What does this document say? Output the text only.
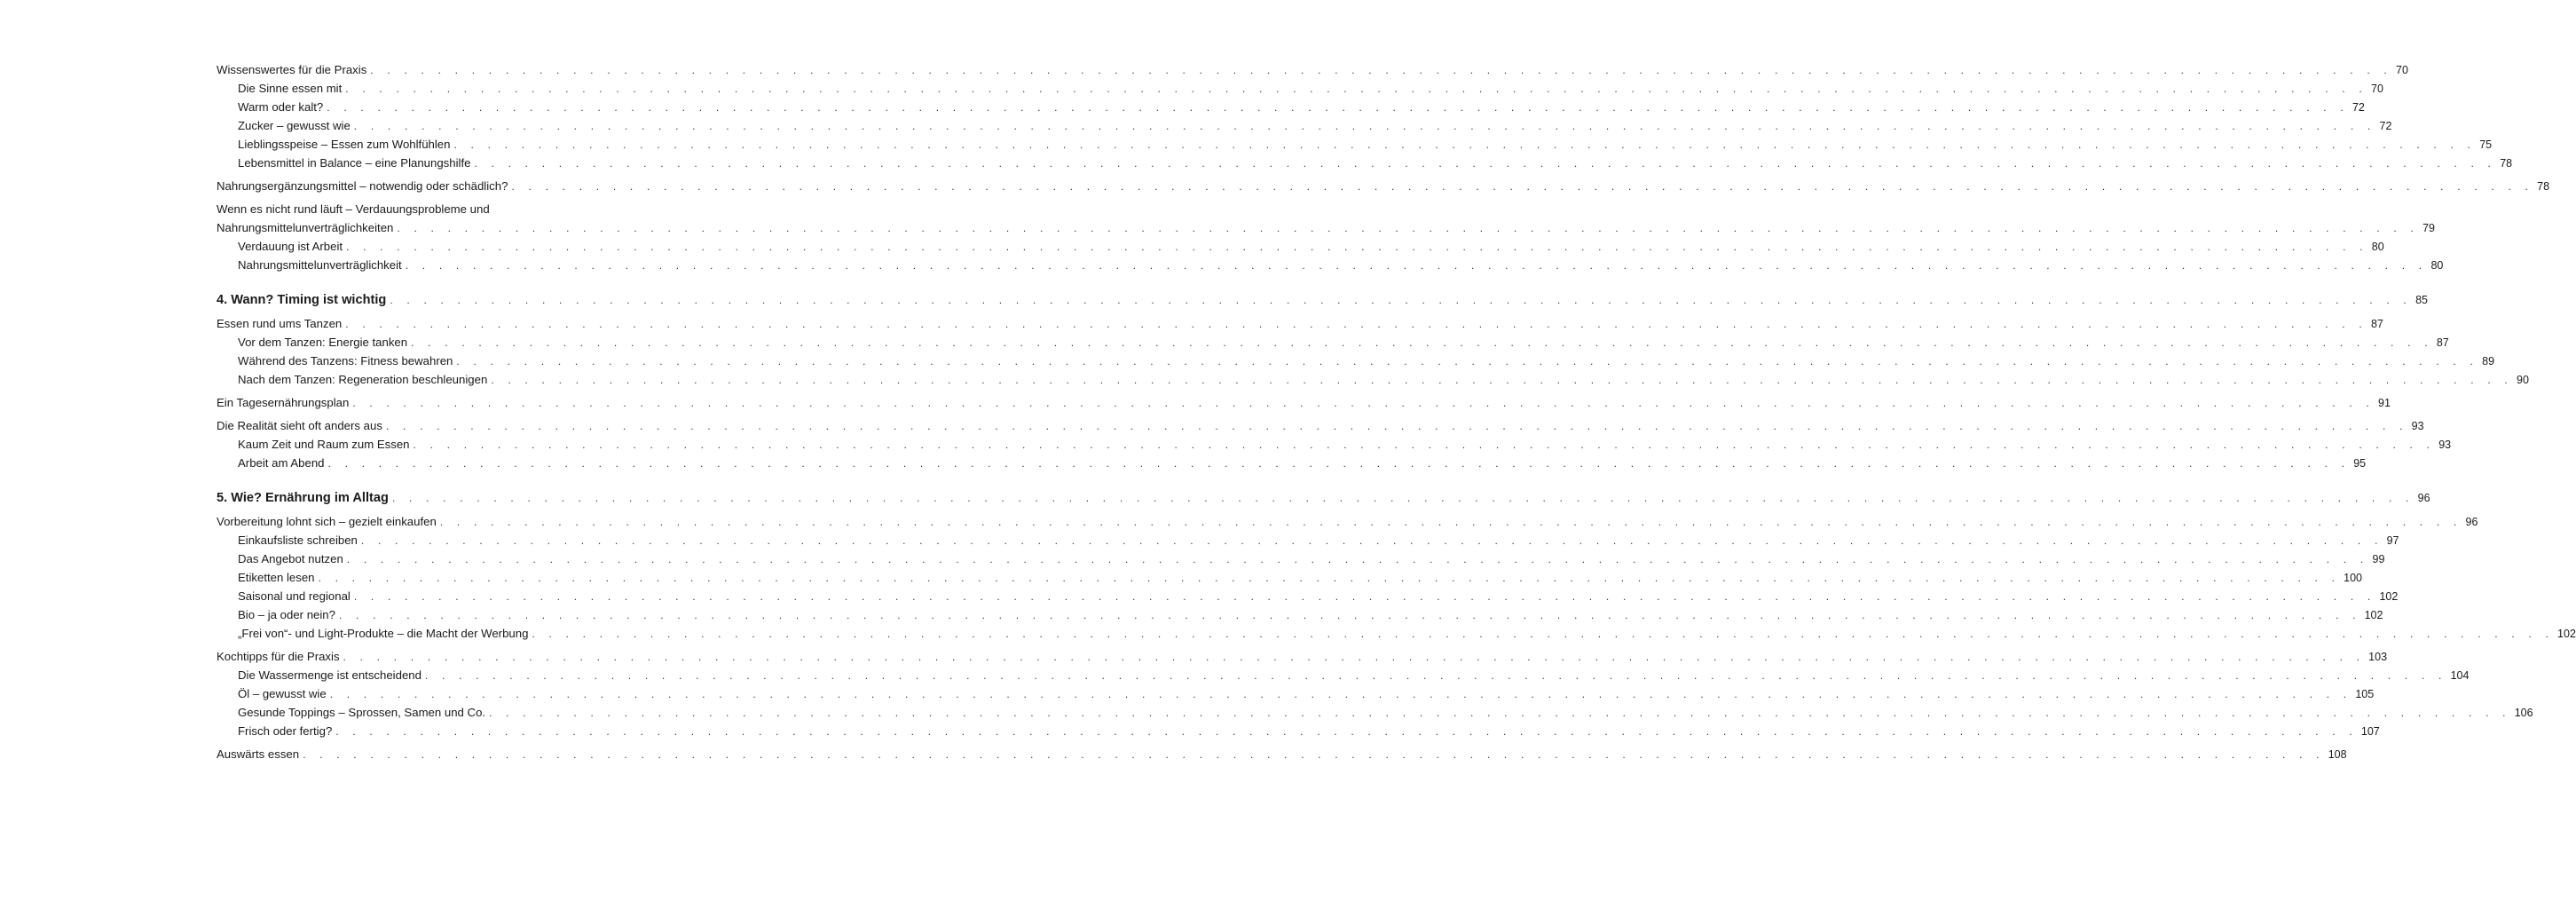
Wissenswertes für die Praxis . . . . . . . . . . . . . . . . . . . . . . . . . . . . . . . . . . . . . . . . . . . . . . . . . . . . . . . . . . . . . . . . . . . . . . . . . . . . . . . . . . . . . . . . . . . . . . . . . . . . . . . . . . . . . . . . . . . . . . . . 70
Die Sinne essen mit . . . . . . . . . . . . . . . . . . . . . . . . . . . . . . . . . . . . . . . . . . . . . . . . . . . . . . . . . . . . . . . . . . . . . . . . . . . . . . . . . . . . . . . . . . . . . . . . . . . . . . . . . . . . . . . . . . . . . . . . 70
Warm oder kalt? . . . . . . . . . . . . . . . . . . . . . . . . . . . . . . . . . . . . . . . . . . . . . . . . . . . . . . . . . . . . . . . . . . . . . . . . . . . . . . . . . . . . . . . . . . . . . . . . . . . . . . . . . . . . . . . . . . . . . . . . 72
Zucker – gewusst wie . . . . . . . . . . . . . . . . . . . . . . . . . . . . . . . . . . . . . . . . . . . . . . . . . . . . . . . . . . . . . . . . . . . . . . . . . . . . . . . . . . . . . . . . . . . . . . . . . . . . . . . . . . . . . . . . . . . . . . . . 72
Lieblingsspeise – Essen zum Wohlfühlen . . . . . . . . . . . . . . . . . . . . . . . . . . . . . . . . . . . . . . . . . . . . . . . . . . . . . . . . . . . . . . . . . . . . . . . . . . . . . . . . . . . . . . . . . . . . . . . . . . . . . . . . . . . . . . . . . . . . . . . . 75
Lebensmittel in Balance – eine Planungshilfe . . . . . . . . . . . . . . . . . . . . . . . . . . . . . . . . . . . . . . . . . . . . . . . . . . . . . . . . . . . . . . . . . . . . . . . . . . . . . . . . . . . . . . . . . . . . . . . . . . . . . . . . . . . . . . . . . . . . . . . . 78
Nahrungsergänzungsmittel – notwendig oder schädlich? . . . . . . . . . . . . . . . . . . . . . . . . . . . . . . . . . . . . . . . . . . . . . . . . . . . . . . . . . . . . . . . . . . . . . . . . . . . . . . . . . . . . . . . . . . . . . . . . . . . . . . . . . . . . . . . . . . . . . . . . 78
Wenn es nicht rund läuft – Verdauungsprobleme und
Nahrungsmittelunverträglichkeiten . . . . . . . . . . . . . . . . . . . . . . . . . . . . . . . . . . . . . . . . . . . . . . . . . . . . . . . . . . . . . . . . . . . . . . . . . . . . . . . . . . . . . . . . . . . . . . . . . . . . . . . . . . . . . . . . . . . . . . . . 79
Verdauung ist Arbeit . . . . . . . . . . . . . . . . . . . . . . . . . . . . . . . . . . . . . . . . . . . . . . . . . . . . . . . . . . . . . . . . . . . . . . . . . . . . . . . . . . . . . . . . . . . . . . . . . . . . . . . . . . . . . . . . . . . . . . . . 80
Nahrungsmittelunverträglichkeit . . . . . . . . . . . . . . . . . . . . . . . . . . . . . . . . . . . . . . . . . . . . . . . . . . . . . . . . . . . . . . . . . . . . . . . . . . . . . . . . . . . . . . . . . . . . . . . . . . . . . . . . . . . . . . . . . . . . . . . . 80
4. Wann? Timing ist wichtig . . . . . . . . . . . . . . . . . . . . . . . . . . . . . . . . . . . . . . . . . . . . . . . . . . . . . . . . . . . . . . . . . . . . . . . . . . . . . . . . . . . . . . . . . . . . . . . . . . . . . . . . . . . . . . . . . . . . . . . . 85
Essen rund ums Tanzen . . . . . . . . . . . . . . . . . . . . . . . . . . . . . . . . . . . . . . . . . . . . . . . . . . . . . . . . . . . . . . . . . . . . . . . . . . . . . . . . . . . . . . . . . . . . . . . . . . . . . . . . . . . . . . . . . . . . . . . . 87
Vor dem Tanzen: Energie tanken . . . . . . . . . . . . . . . . . . . . . . . . . . . . . . . . . . . . . . . . . . . . . . . . . . . . . . . . . . . . . . . . . . . . . . . . . . . . . . . . . . . . . . . . . . . . . . . . . . . . . . . . . . . . . . . . . . . . . . . . 87
Während des Tanzens: Fitness bewahren . . . . . . . . . . . . . . . . . . . . . . . . . . . . . . . . . . . . . . . . . . . . . . . . . . . . . . . . . . . . . . . . . . . . . . . . . . . . . . . . . . . . . . . . . . . . . . . . . . . . . . . . . . . . . . . . . . . . . . . . 89
Nach dem Tanzen: Regeneration beschleunigen . . . . . . . . . . . . . . . . . . . . . . . . . . . . . . . . . . . . . . . . . . . . . . . . . . . . . . . . . . . . . . . . . . . . . . . . . . . . . . . . . . . . . . . . . . . . . . . . . . . . . . . . . . . . . . . . . . . . . . . . 90
Ein Tagesernährungsplan . . . . . . . . . . . . . . . . . . . . . . . . . . . . . . . . . . . . . . . . . . . . . . . . . . . . . . . . . . . . . . . . . . . . . . . . . . . . . . . . . . . . . . . . . . . . . . . . . . . . . . . . . . . . . . . . . . . . . . . . 91
Die Realität sieht oft anders aus . . . . . . . . . . . . . . . . . . . . . . . . . . . . . . . . . . . . . . . . . . . . . . . . . . . . . . . . . . . . . . . . . . . . . . . . . . . . . . . . . . . . . . . . . . . . . . . . . . . . . . . . . . . . . . . . . . . . . . . . 93
Kaum Zeit und Raum zum Essen . . . . . . . . . . . . . . . . . . . . . . . . . . . . . . . . . . . . . . . . . . . . . . . . . . . . . . . . . . . . . . . . . . . . . . . . . . . . . . . . . . . . . . . . . . . . . . . . . . . . . . . . . . . . . . . . . . . . . . . . 93
Arbeit am Abend . . . . . . . . . . . . . . . . . . . . . . . . . . . . . . . . . . . . . . . . . . . . . . . . . . . . . . . . . . . . . . . . . . . . . . . . . . . . . . . . . . . . . . . . . . . . . . . . . . . . . . . . . . . . . . . . . . . . . . . . 95
5. Wie? Ernährung im Alltag . . . . . . . . . . . . . . . . . . . . . . . . . . . . . . . . . . . . . . . . . . . . . . . . . . . . . . . . . . . . . . . . . . . . . . . . . . . . . . . . . . . . . . . . . . . . . . . . . . . . . . . . . . . . . . . . . . . . . . . . 96
Vorbereitung lohnt sich – gezielt einkaufen . . . . . . . . . . . . . . . . . . . . . . . . . . . . . . . . . . . . . . . . . . . . . . . . . . . . . . . . . . . . . . . . . . . . . . . . . . . . . . . . . . . . . . . . . . . . . . . . . . . . . . . . . . . . . . . . . . . . . . . . 96
Einkaufsliste schreiben . . . . . . . . . . . . . . . . . . . . . . . . . . . . . . . . . . . . . . . . . . . . . . . . . . . . . . . . . . . . . . . . . . . . . . . . . . . . . . . . . . . . . . . . . . . . . . . . . . . . . . . . . . . . . . . . . . . . . . . . 97
Das Angebot nutzen . . . . . . . . . . . . . . . . . . . . . . . . . . . . . . . . . . . . . . . . . . . . . . . . . . . . . . . . . . . . . . . . . . . . . . . . . . . . . . . . . . . . . . . . . . . . . . . . . . . . . . . . . . . . . . . . . . . . . . . . 99
Etiketten lesen . . . . . . . . . . . . . . . . . . . . . . . . . . . . . . . . . . . . . . . . . . . . . . . . . . . . . . . . . . . . . . . . . . . . . . . . . . . . . . . . . . . . . . . . . . . . . . . . . . . . . . . . . . . . . . . . . . . . . . . . 100
Saisonal und regional . . . . . . . . . . . . . . . . . . . . . . . . . . . . . . . . . . . . . . . . . . . . . . . . . . . . . . . . . . . . . . . . . . . . . . . . . . . . . . . . . . . . . . . . . . . . . . . . . . . . . . . . . . . . . . . . . . . . . . . . 102
Bio – ja oder nein? . . . . . . . . . . . . . . . . . . . . . . . . . . . . . . . . . . . . . . . . . . . . . . . . . . . . . . . . . . . . . . . . . . . . . . . . . . . . . . . . . . . . . . . . . . . . . . . . . . . . . . . . . . . . . . . . . . . . . . . . 102
„Frei von“- und Light-Produkte – die Macht der Werbung . . . . . . . . . . . . . . . . . . . . . . . . . . . . . . . . . . . . . . . . . . . . . . . . . . . . . . . . . . . . . . . . . . . . . . . . . . . . . . . . . . . . . . . . . . . . . . . . . . . . . . . . . . . . . . . . . . . . . . . . 102
Kochtipps für die Praxis . . . . . . . . . . . . . . . . . . . . . . . . . . . . . . . . . . . . . . . . . . . . . . . . . . . . . . . . . . . . . . . . . . . . . . . . . . . . . . . . . . . . . . . . . . . . . . . . . . . . . . . . . . . . . . . . . . . . . . . . 103
Die Wassermenge ist entscheidend . . . . . . . . . . . . . . . . . . . . . . . . . . . . . . . . . . . . . . . . . . . . . . . . . . . . . . . . . . . . . . . . . . . . . . . . . . . . . . . . . . . . . . . . . . . . . . . . . . . . . . . . . . . . . . . . . . . . . . . . 104
Öl – gewusst wie . . . . . . . . . . . . . . . . . . . . . . . . . . . . . . . . . . . . . . . . . . . . . . . . . . . . . . . . . . . . . . . . . . . . . . . . . . . . . . . . . . . . . . . . . . . . . . . . . . . . . . . . . . . . . . . . . . . . . . . . 105
Gesunde Toppings – Sprossen, Samen und Co. . . . . . . . . . . . . . . . . . . . . . . . . . . . . . . . . . . . . . . . . . . . . . . . . . . . . . . . . . . . . . . . . . . . . . . . . . . . . . . . . . . . . . . . . . . . . . . . . . . . . . . . . . . . . . . . . . . . . . . . . 106
Frisch oder fertig? . . . . . . . . . . . . . . . . . . . . . . . . . . . . . . . . . . . . . . . . . . . . . . . . . . . . . . . . . . . . . . . . . . . . . . . . . . . . . . . . . . . . . . . . . . . . . . . . . . . . . . . . . . . . . . . . . . . . . . . . 107
Auswärts essen . . . . . . . . . . . . . . . . . . . . . . . . . . . . . . . . . . . . . . . . . . . . . . . . . . . . . . . . . . . . . . . . . . . . . . . . . . . . . . . . . . . . . . . . . . . . . . . . . . . . . . . . . . . . . . . . . . . . . . . . 108
